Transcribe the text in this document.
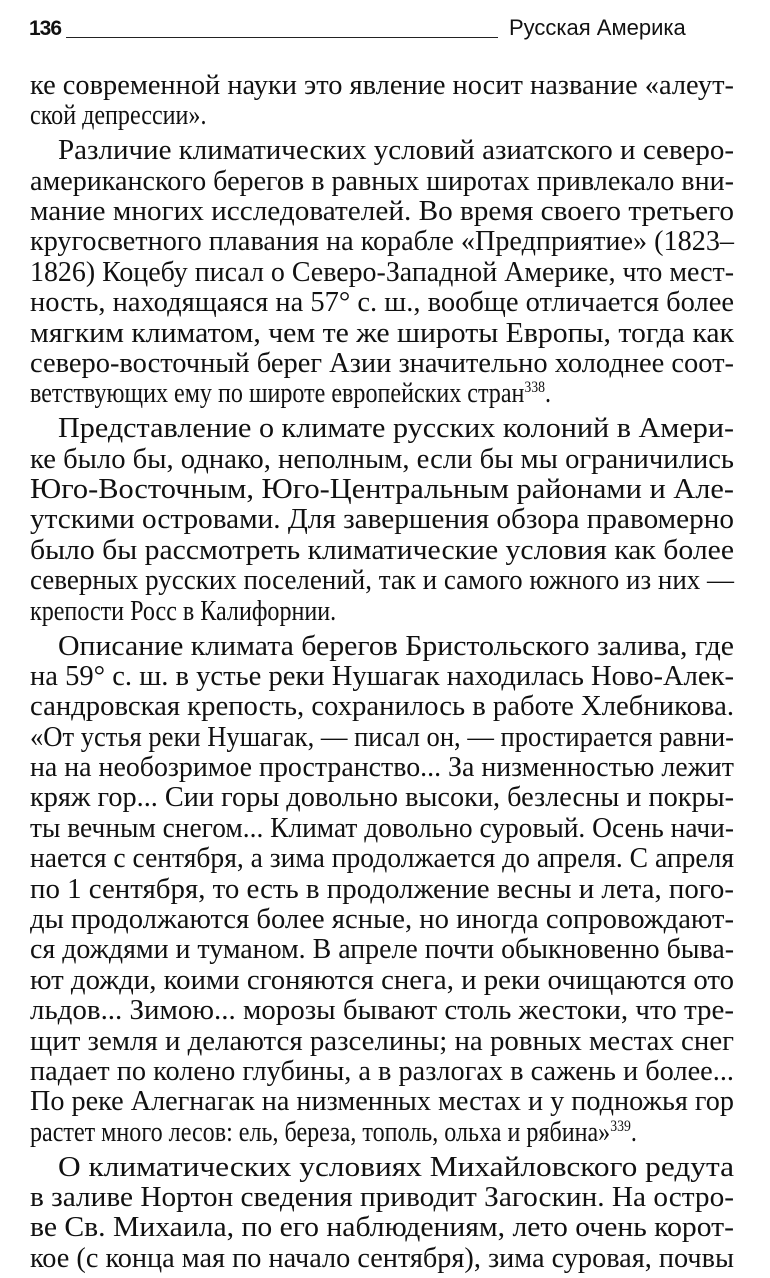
136	Русская Америка
ке современной науки это явление носит название «алеут-
ской депрессии».
Различие климатических условий азиатского и северо-
американского берегов в равных широтах привлекало вни-
мание многих исследователей. Во время своего третьего
кругосветного плавания на корабле «Предприятие» (1823–
1826) Коцебу писал о Северо-Западной Америке, что мест-
ность, находящаяся на 57° с. ш., вообще отличается более
мягким климатом, чем те же широты Европы, тогда как
северо-восточный берег Азии значительно холоднее соот-
ветствующих ему по широте европейских стран$^{338}$.
Представление о климате русских колоний в Амери-
ке было бы, однако, неполным, если бы мы ограничились
Юго-Восточным, Юго-Центральным районами и Але-
утскими островами. Для завершения обзора правомерно
было бы рассмотреть климатические условия как более
северных русских поселений, так и самого южного из них —
крепости Росс в Калифорнии.
Описание климата берегов Бристольского залива, где
на 59° с. ш. в устье реки Нушагак находилась Ново-Алек-
сандровская крепость, сохранилось в работе Хлебникова.
«От устья реки Нушагак, — писал он, — простирается равни-
на на необозримое пространство... За низменностью лежит
кряж гор... Сии горы довольно высоки, безлесны и покры-
ты вечным снегом... Климат довольно суровый. Осень начи-
нается с сентября, а зима продолжается до апреля. С апреля
по 1 сентября, то есть в продолжение весны и лета, пого-
ды продолжаются более ясные, но иногда сопровождают-
ся дождями и туманом. В апреле почти обыкновенно быва-
ют дожди, коими сгоняются снега, и реки очищаются ото
льдов... Зимою... морозы бывают столь жестоки, что тре-
щит земля и делаются разселины; на ровных местах снег
падает по колено глубины, а в разлогах в сажень и более...
По реке Алегнагак на низменных местах и у подножья гор
растет много лесов: ель, береза, тополь, ольха и рябина»$^{339}$.
О климатических условиях Михайловского редута
в заливе Нортон сведения приводит Загоскин. На остро-
ве Св. Михаила, по его наблюдениям, лето очень корот-
кое (с конца мая по начало сентября), зима суровая, почвы
